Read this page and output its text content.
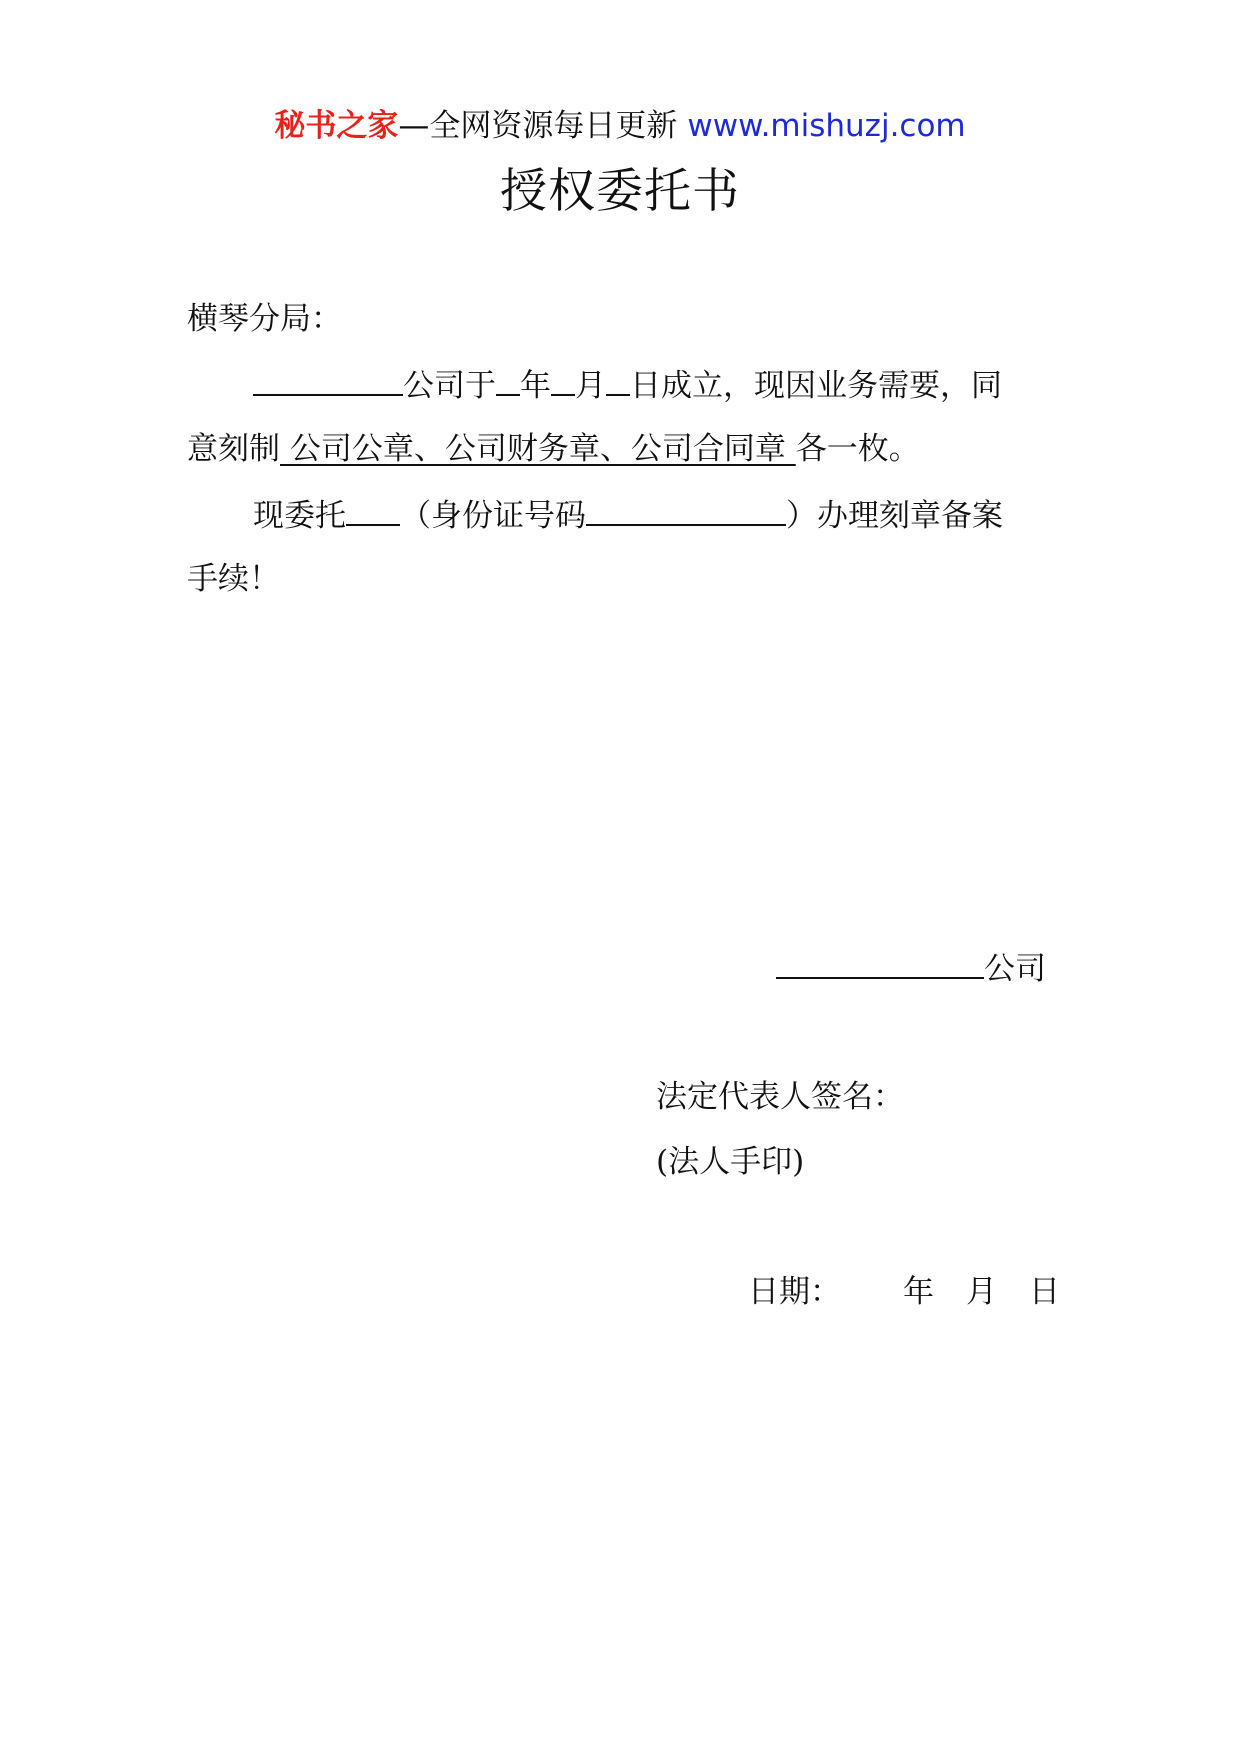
秘书之家—全网资源每日更新 www.mishuzj.com
授权委托书
横琴分局：
公司于 年 月 日成立，现因业务需要，同
意刻制 公司公章、公司财务章、公司合同章 各一枚。
现委托 （身份证号码	）办理刻章备案
手续！
公司
法定代表人签名：
(法人手印)
日期： 年 月 日
